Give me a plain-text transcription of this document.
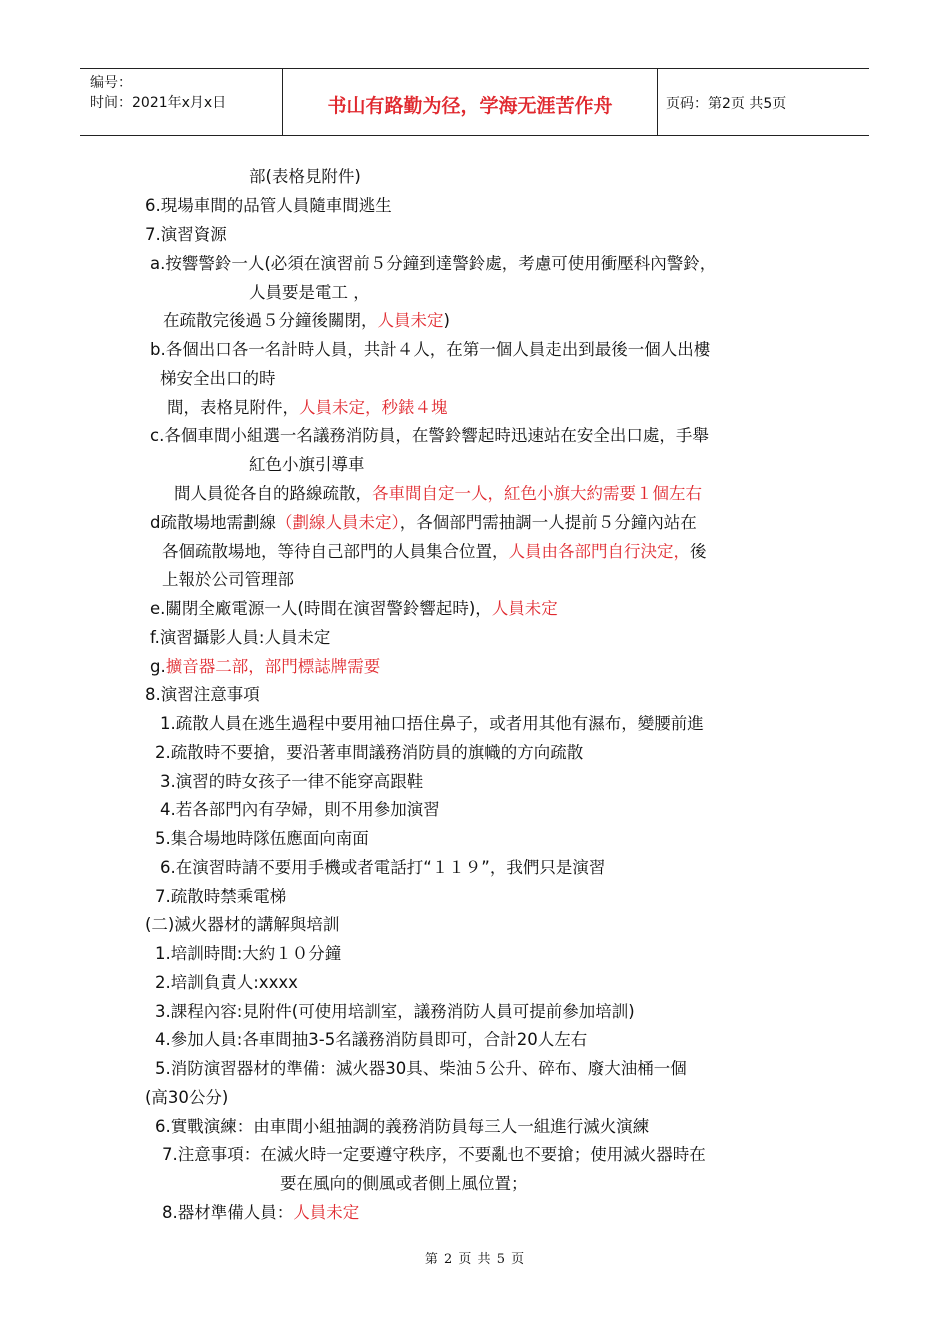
编号：
时间：2021年x月x日	书山有路勤为径，学海无涯苦作舟	页码：第2页 共5页
部(表格見附件)
6.現場車間的品管人員隨車間逃生
7.演習資源
a.按響警鈴一人(必須在演習前５分鐘到達警鈴處，考慮可使用衝壓科內警鈴，
人員要是電工 ，
在疏散完後過５分鐘後關閉，人員未定)
b.各個出口各一名計時人員，共計４人，在第一個人員走出到最後一個人出樓
梯安全出口的時
間，表格見附件，人員未定，秒錶４塊
c.各個車間小組選一名議務消防員，在警鈴響起時迅速站在安全出口處，手舉
紅色小旗引導車
間人員從各自的路線疏散，各車間自定一人，紅色小旗大約需要１個左右
d疏散場地需劃線（劃線人員未定），各個部門需抽調一人提前５分鐘內站在
各個疏散場地，等待自己部門的人員集合位置，人員由各部門自行決定，後
上報於公司管理部
e.關閉全廠電源一人(時間在演習警鈴響起時)，人員未定
f.演習攝影人員:人員未定
g.擴音器二部，部門標誌牌需要
8.演習注意事項
1.疏散人員在逃生過程中要用袖口捂住鼻子，或者用其他有濕布，變腰前進
2.疏散時不要搶，要沿著車間議務消防員的旗幟的方向疏散
3.演習的時女孩子一律不能穿高跟鞋
4.若各部門內有孕婦，則不用參加演習
5.集合場地時隊伍應面向南面
6.在演習時請不要用手機或者電話打“１１９”，我們只是演習
7.疏散時禁乘電梯
(二)滅火器材的講解與培訓
1.培訓時間:大約１０分鐘
2.培訓負責人:xxxx
3.課程內容:見附件(可使用培訓室，議務消防人員可提前參加培訓)
4.參加人員:各車間抽3-5名議務消防員即可，合計20人左右
5.消防演習器材的準備：滅火器30具、柴油５公升、碎布、廢大油桶一個
(高30公分)
6.實戰演練：由車間小組抽調的義務消防員每三人一組進行滅火演練
7.注意事項：在滅火時一定要遵守秩序，不要亂也不要搶；使用滅火器時在
要在風向的側風或者側上風位置；
8.器材準備人員：人員未定
第 2 页 共 5 页
